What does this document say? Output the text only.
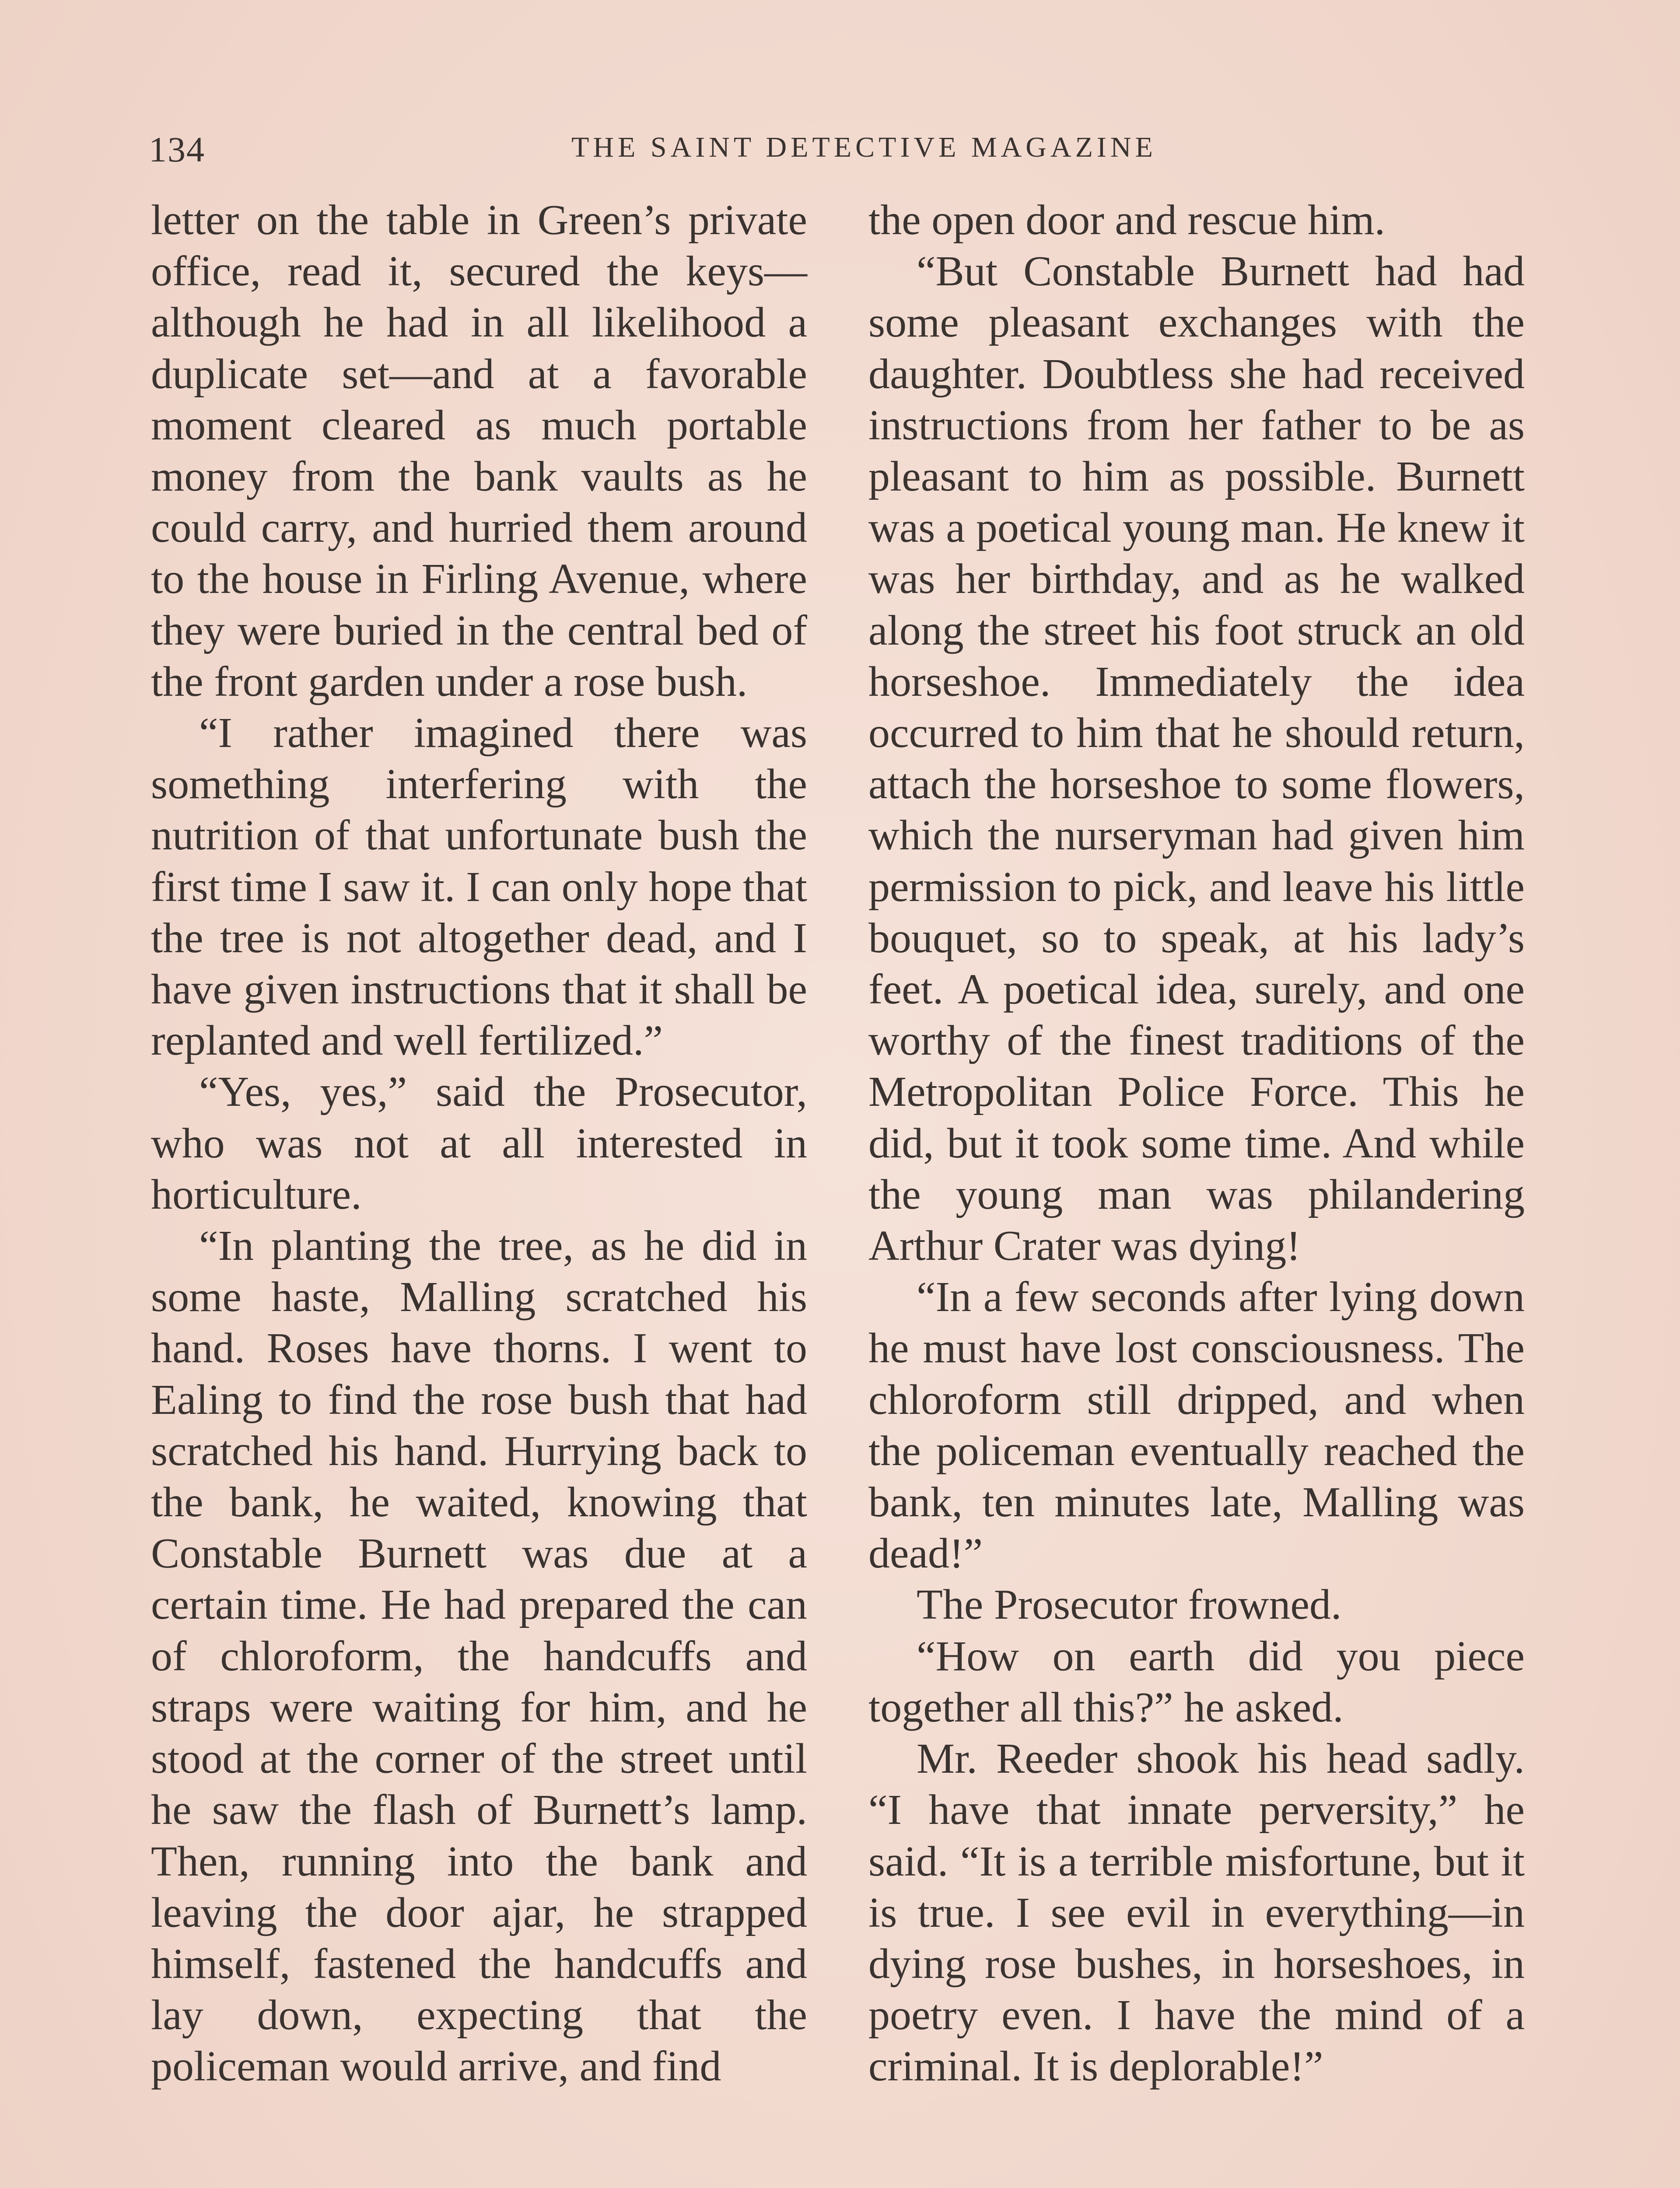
134	THE SAINT DETECTIVE MAGAZINE

letter on the table in Green’s private office, read it, secured the keys—although he had in all likelihood a duplicate set—and at a favorable moment cleared as much portable money from the bank vaults as he could carry, and hurried them around to the house in Firling Avenue, where they were buried in the central bed of the front garden under a rose bush.

“I rather imagined there was something interfering with the nutrition of that unfortunate bush the first time I saw it. I can only hope that the tree is not altogether dead, and I have given instructions that it shall be replanted and well fertilized.”

“Yes, yes,” said the Prosecutor, who was not at all interested in horticulture.

“In planting the tree, as he did in some haste, Malling scratched his hand. Roses have thorns. I went to Ealing to find the rose bush that had scratched his hand. Hurrying back to the bank, he waited, knowing that Constable Burnett was due at a certain time. He had prepared the can of chloroform, the handcuffs and straps were waiting for him, and he stood at the corner of the street until he saw the flash of Burnett’s lamp. Then, running into the bank and leaving the door ajar, he strapped himself, fastened the handcuffs and lay down, expecting that the policeman would arrive, and find

the open door and rescue him.

“But Constable Burnett had had some pleasant exchanges with the daughter. Doubtless she had received instructions from her father to be as pleasant to him as possible. Burnett was a poetical young man. He knew it was her birthday, and as he walked along the street his foot struck an old horseshoe. Immediately the idea occurred to him that he should return, attach the horseshoe to some flowers, which the nurseryman had given him permission to pick, and leave his little bouquet, so to speak, at his lady’s feet. A poetical idea, surely, and one worthy of the finest traditions of the Metropolitan Police Force. This he did, but it took some time. And while the young man was philandering Arthur Crater was dying!

“In a few seconds after lying down he must have lost consciousness. The chloroform still dripped, and when the policeman eventually reached the bank, ten minutes late, Malling was dead!”

The Prosecutor frowned.

“How on earth did you piece together all this?” he asked.

Mr. Reeder shook his head sadly. “I have that innate perversity,” he said. “It is a terrible misfortune, but it is true. I see evil in everything—in dying rose bushes, in horseshoes, in poetry even. I have the mind of a criminal. It is deplorable!”
